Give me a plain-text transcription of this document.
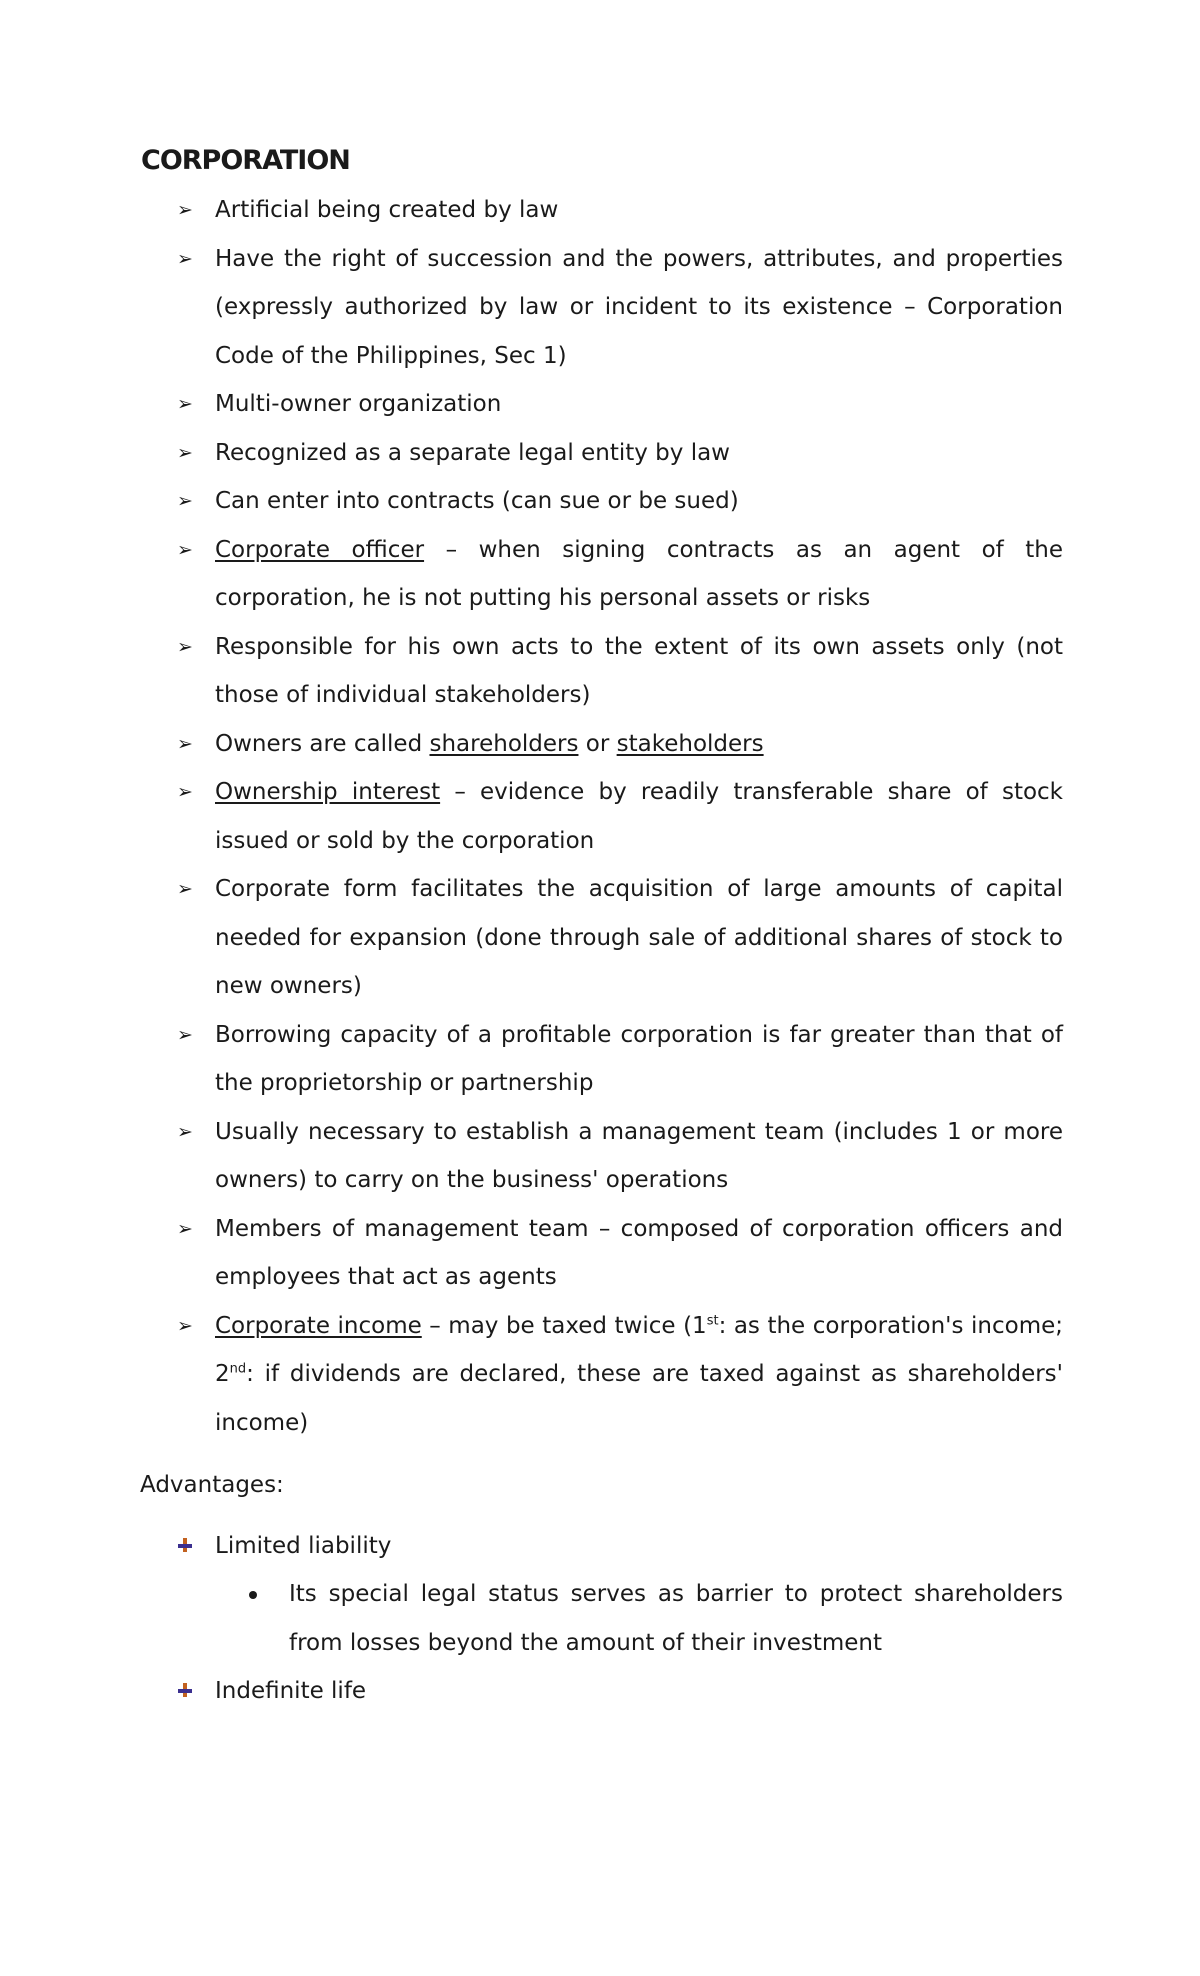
CORPORATION
➢ Artificial being created by law
➢ Have the right of succession and the powers, attributes, and properties (expressly authorized by law or incident to its existence – Corporation Code of the Philippines, Sec 1)
➢ Multi-owner organization
➢ Recognized as a separate legal entity by law
➢ Can enter into contracts (can sue or be sued)
➢ Corporate officer – when signing contracts as an agent of the corporation, he is not putting his personal assets or risks
➢ Responsible for his own acts to the extent of its own assets only (not those of individual stakeholders)
➢ Owners are called shareholders or stakeholders
➢ Ownership interest – evidence by readily transferable share of stock issued or sold by the corporation
➢ Corporate form facilitates the acquisition of large amounts of capital needed for expansion (done through sale of additional shares of stock to new owners)
➢ Borrowing capacity of a profitable corporation is far greater than that of the proprietorship or partnership
➢ Usually necessary to establish a management team (includes 1 or more owners) to carry on the business' operations
➢ Members of management team – composed of corporation officers and employees that act as agents
➢ Corporate income – may be taxed twice (1st: as the corporation's income; 2nd: if dividends are declared, these are taxed against as shareholders' income)
Advantages:
Limited liability
Its special legal status serves as barrier to protect shareholders from losses beyond the amount of their investment
Indefinite life
